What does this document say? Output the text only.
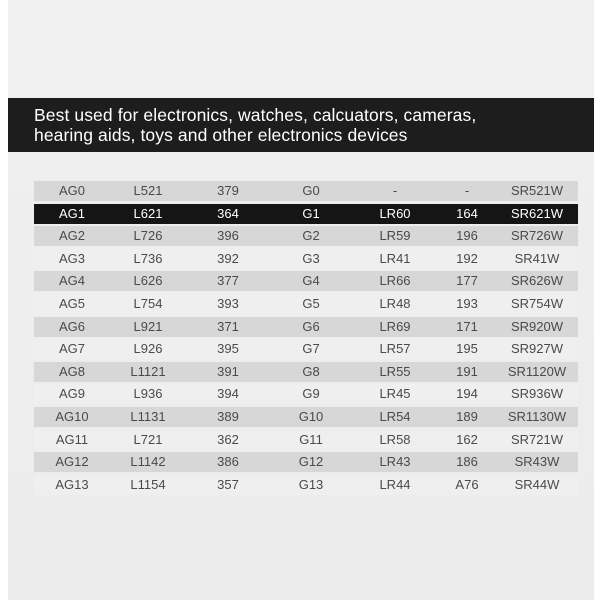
Best used for electronics, watches, calcuators, cameras,
hearing aids, toys and other electronics devices
AG0	L521	379	G0	-	-	SR521W
AG1	L621	364	G1	LR60	164	SR621W
AG2	L726	396	G2	LR59	196	SR726W
AG3	L736	392	G3	LR41	192	SR41W
AG4	L626	377	G4	LR66	177	SR626W
AG5	L754	393	G5	LR48	193	SR754W
AG6	L921	371	G6	LR69	171	SR920W
AG7	L926	395	G7	LR57	195	SR927W
AG8	L1121	391	G8	LR55	191	SR1120W
AG9	L936	394	G9	LR45	194	SR936W
AG10	L1131	389	G10	LR54	189	SR1130W
AG11	L721	362	G11	LR58	162	SR721W
AG12	L1142	386	G12	LR43	186	SR43W
AG13	L1154	357	G13	LR44	A76	SR44W
